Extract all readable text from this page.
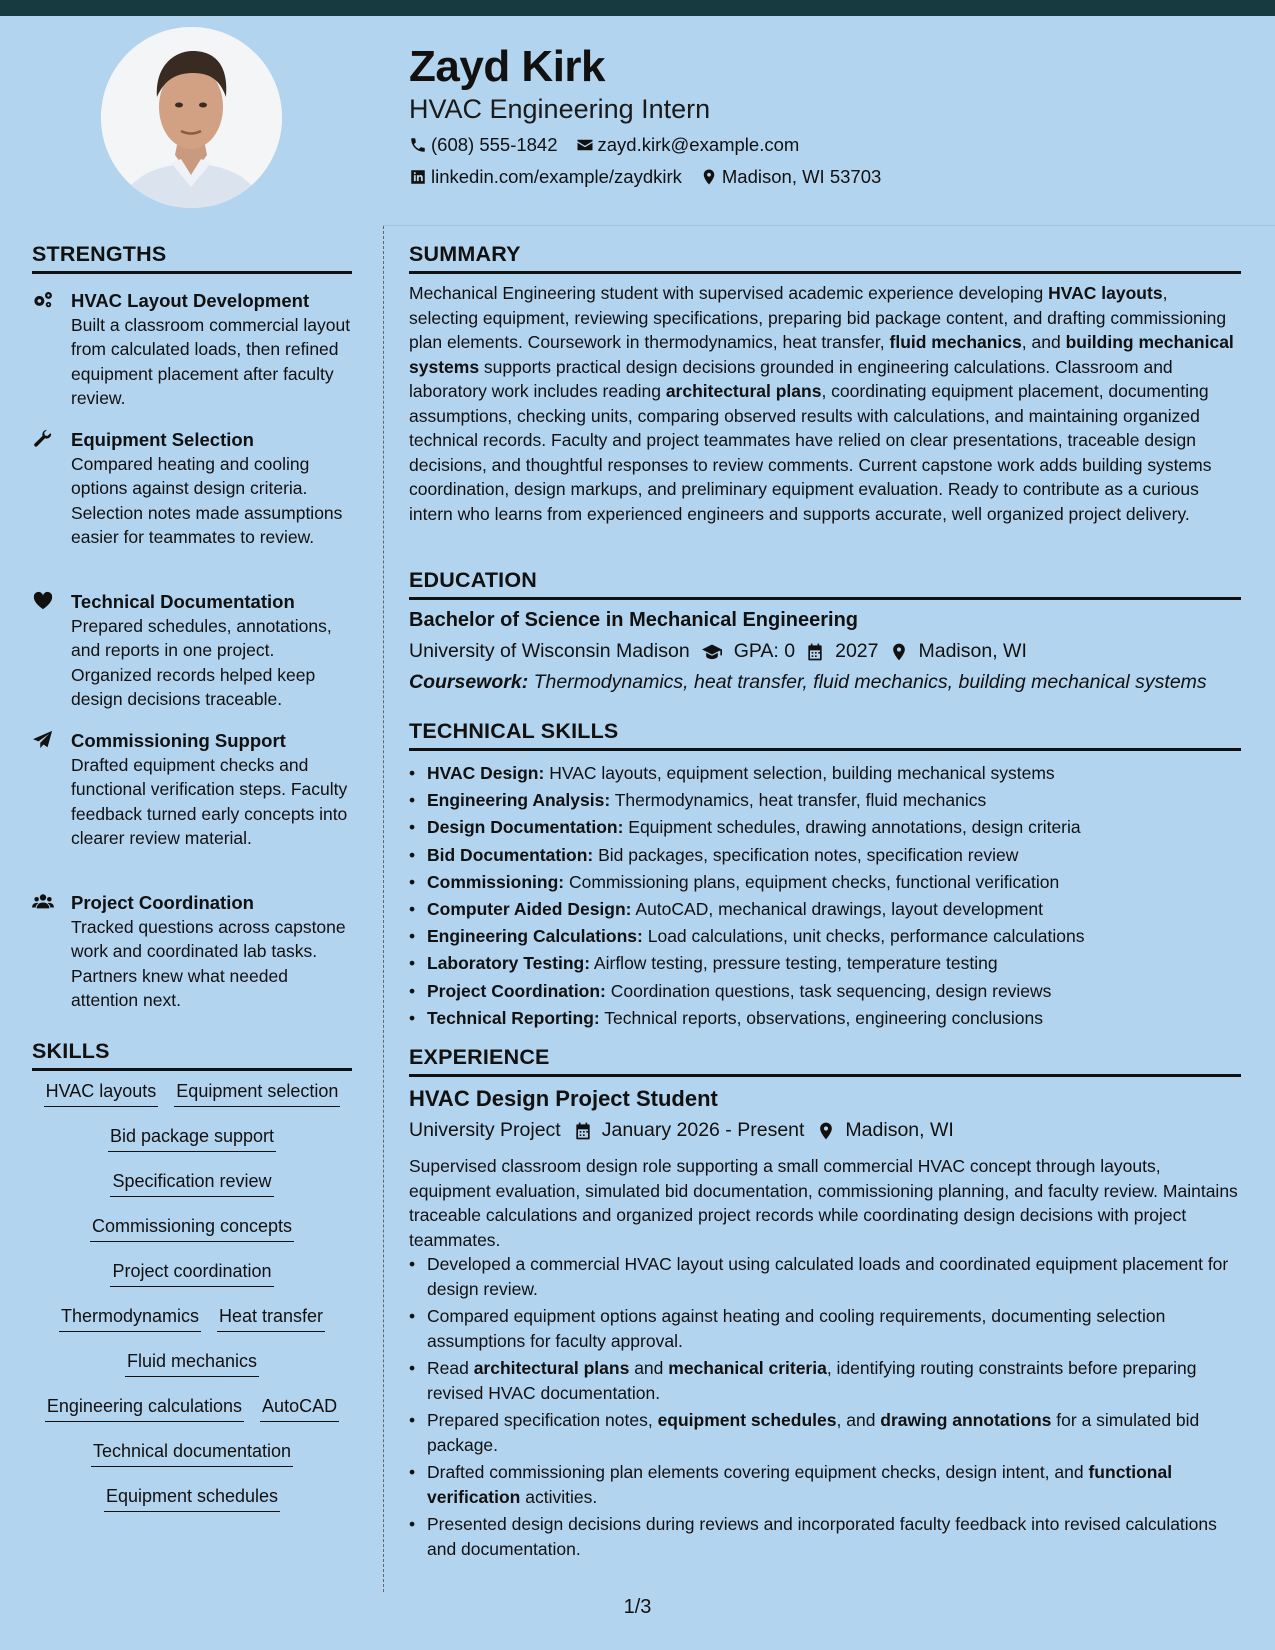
Zayd Kirk
HVAC Engineering Intern
(608) 555-1842 zayd.kirk@example.com
linkedin.com/example/zaydkirk Madison, WI 53703
STRENGTHS
HVAC Layout Development
Built a classroom commercial layout from calculated loads, then refined equipment placement after faculty review.
Equipment Selection
Compared heating and cooling options against design criteria. Selection notes made assumptions easier for teammates to review.
Technical Documentation
Prepared schedules, annotations, and reports in one project. Organized records helped keep design decisions traceable.
Commissioning Support
Drafted equipment checks and functional verification steps. Faculty feedback turned early concepts into clearer review material.
Project Coordination
Tracked questions across capstone work and coordinated lab tasks. Partners knew what needed attention next.
SKILLS
HVAC layouts Equipment selection
Bid package support
Specification review
Commissioning concepts
Project coordination
Thermodynamics Heat transfer
Fluid mechanics
Engineering calculations AutoCAD
Technical documentation
Equipment schedules
SUMMARY
Mechanical Engineering student with supervised academic experience developing HVAC layouts, selecting equipment, reviewing specifications, preparing bid package content, and drafting commissioning plan elements. Coursework in thermodynamics, heat transfer, fluid mechanics, and building mechanical systems supports practical design decisions grounded in engineering calculations. Classroom and laboratory work includes reading architectural plans, coordinating equipment placement, documenting assumptions, checking units, comparing observed results with calculations, and maintaining organized technical records. Faculty and project teammates have relied on clear presentations, traceable design decisions, and thoughtful responses to review comments. Current capstone work adds building systems coordination, design markups, and preliminary equipment evaluation. Ready to contribute as a curious intern who learns from experienced engineers and supports accurate, well organized project delivery.
EDUCATION
Bachelor of Science in Mechanical Engineering
University of Wisconsin Madison GPA: 0 2027 Madison, WI
Coursework: Thermodynamics, heat transfer, fluid mechanics, building mechanical systems
TECHNICAL SKILLS
• HVAC Design: HVAC layouts, equipment selection, building mechanical systems
• Engineering Analysis: Thermodynamics, heat transfer, fluid mechanics
• Design Documentation: Equipment schedules, drawing annotations, design criteria
• Bid Documentation: Bid packages, specification notes, specification review
• Commissioning: Commissioning plans, equipment checks, functional verification
• Computer Aided Design: AutoCAD, mechanical drawings, layout development
• Engineering Calculations: Load calculations, unit checks, performance calculations
• Laboratory Testing: Airflow testing, pressure testing, temperature testing
• Project Coordination: Coordination questions, task sequencing, design reviews
• Technical Reporting: Technical reports, observations, engineering conclusions
EXPERIENCE
HVAC Design Project Student
University Project January 2026 - Present Madison, WI
Supervised classroom design role supporting a small commercial HVAC concept through layouts, equipment evaluation, simulated bid documentation, commissioning planning, and faculty review. Maintains traceable calculations and organized project records while coordinating design decisions with project teammates.
• Developed a commercial HVAC layout using calculated loads and coordinated equipment placement for design review.
• Compared equipment options against heating and cooling requirements, documenting selection assumptions for faculty approval.
• Read architectural plans and mechanical criteria, identifying routing constraints before preparing revised HVAC documentation.
• Prepared specification notes, equipment schedules, and drawing annotations for a simulated bid package.
• Drafted commissioning plan elements covering equipment checks, design intent, and functional verification activities.
• Presented design decisions during reviews and incorporated faculty feedback into revised calculations and documentation.
1/3
